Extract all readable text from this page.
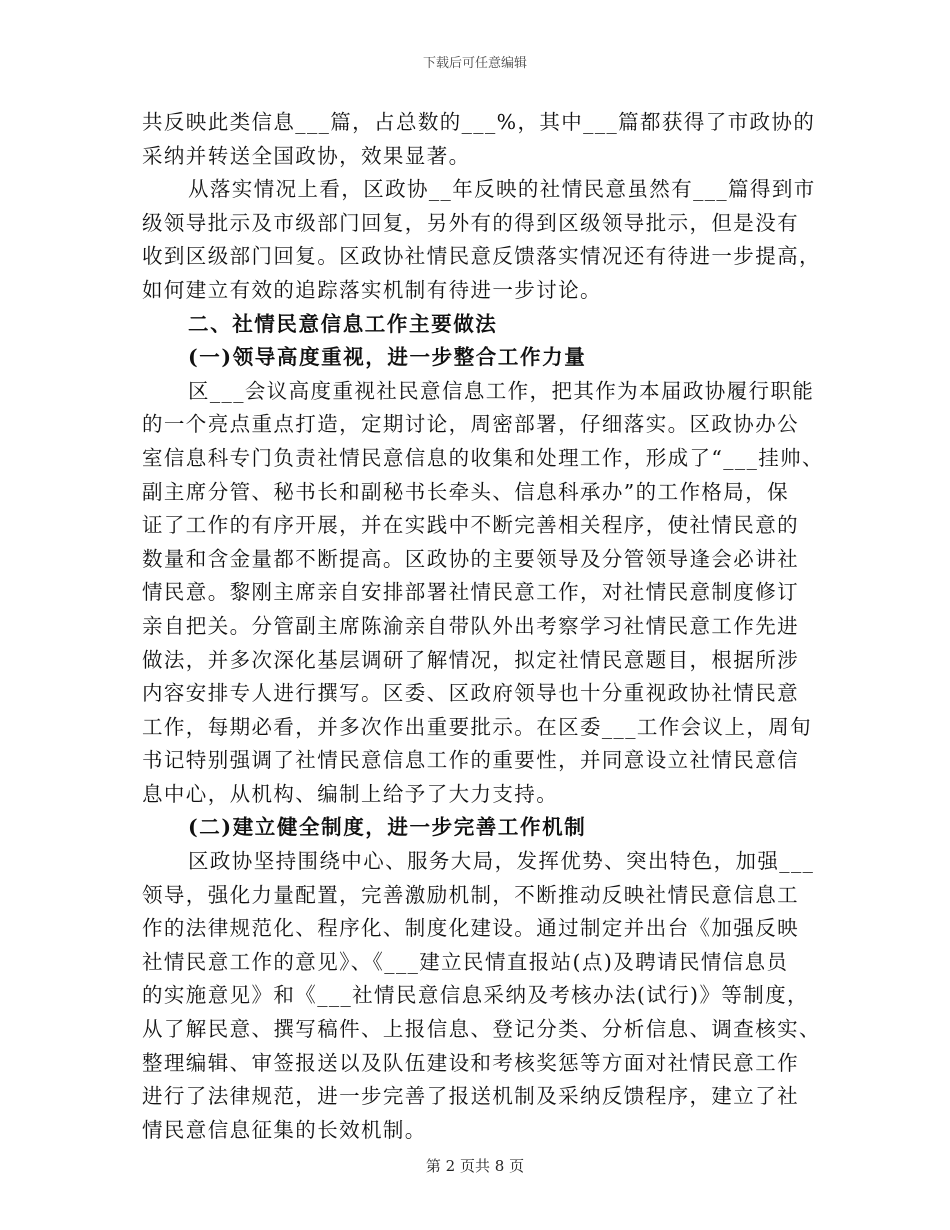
下载后可任意编辑
共反映此类信息___篇，占总数的___%，其中___篇都获得了市政协的
采纳并转送全国政协，效果显著。
从落实情况上看，区政协__年反映的社情民意虽然有___篇得到市
级领导批示及市级部门回复，另外有的得到区级领导批示，但是没有
收到区级部门回复。区政协社情民意反馈落实情况还有待进一步提高，
如何建立有效的追踪落实机制有待进一步讨论。
二、社情民意信息工作主要做法
(一)领导高度重视，进一步整合工作力量
区___会议高度重视社民意信息工作，把其作为本届政协履行职能
的一个亮点重点打造，定期讨论，周密部署，仔细落实。区政协办公
室信息科专门负责社情民意信息的收集和处理工作，形成了“___挂帅、
副主席分管、秘书长和副秘书长牵头、信息科承办”的工作格局，保
证了工作的有序开展，并在实践中不断完善相关程序，使社情民意的
数量和含金量都不断提高。区政协的主要领导及分管领导逢会必讲社
情民意。黎刚主席亲自安排部署社情民意工作，对社情民意制度修订
亲自把关。分管副主席陈渝亲自带队外出考察学习社情民意工作先进
做法，并多次深化基层调研了解情况，拟定社情民意题目，根据所涉
内容安排专人进行撰写。区委、区政府领导也十分重视政协社情民意
工作，每期必看，并多次作出重要批示。在区委___工作会议上，周旬
书记特别强调了社情民意信息工作的重要性，并同意设立社情民意信
息中心，从机构、编制上给予了大力支持。
(二)建立健全制度，进一步完善工作机制
区政协坚持围绕中心、服务大局，发挥优势、突出特色，加强___
领导，强化力量配置，完善激励机制，不断推动反映社情民意信息工
作的法律规范化、程序化、制度化建设。通过制定并出台《加强反映
社情民意工作的意见》、《___建立民情直报站(点)及聘请民情信息员
的实施意见》和《___社情民意信息采纳及考核办法(试行)》等制度，
从了解民意、撰写稿件、上报信息、登记分类、分析信息、调查核实、
整理编辑、审签报送以及队伍建设和考核奖惩等方面对社情民意工作
进行了法律规范，进一步完善了报送机制及采纳反馈程序，建立了社
情民意信息征集的长效机制。
第 2 页共 8 页
